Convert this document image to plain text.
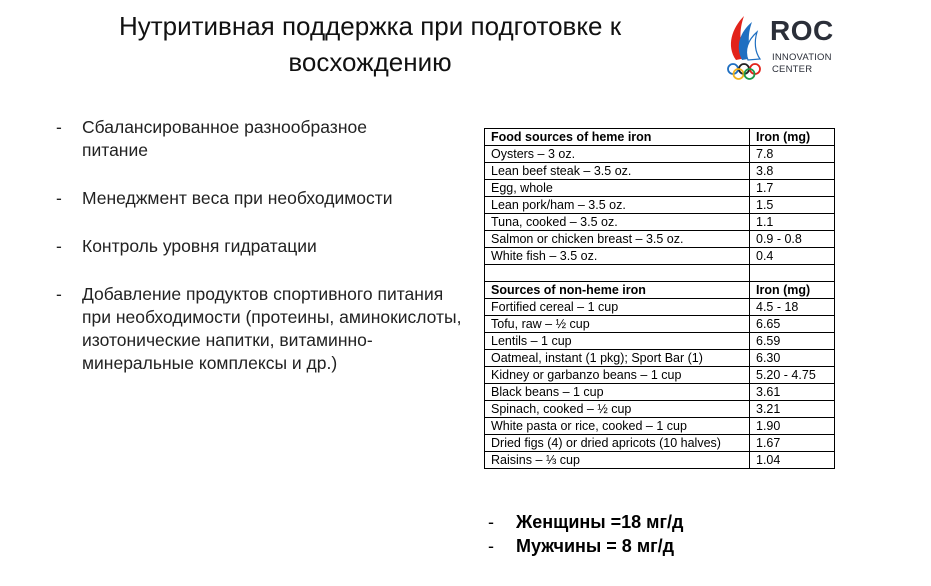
Нутритивная поддержка при подготовке к
восхождению
ROC
INNOVATION
CENTER
- Сбалансированное разнообразное питание
- Менеджмент веса при необходимости
- Контроль уровня гидратации
- Добавление продуктов спортивного питания при необходимости (протеины, аминокислоты, изотонические напитки, витаминно-минеральные комплексы и др.)
Food sources of heme iron	Iron (mg)
Oysters – 3 oz.	7.8
Lean beef steak – 3.5 oz.	3.8
Egg, whole	1.7
Lean pork/ham – 3.5 oz.	1.5
Tuna, cooked – 3.5 oz.	1.1
Salmon or chicken breast – 3.5 oz.	0.9 - 0.8
White fish – 3.5 oz.	0.4

Sources of non-heme iron	Iron (mg)
Fortified cereal – 1 cup	4.5 - 18
Tofu, raw – ½ cup	6.65
Lentils – 1 cup	6.59
Oatmeal, instant (1 pkg); Sport Bar (1)	6.30
Kidney or garbanzo beans – 1 cup	5.20 - 4.75
Black beans – 1 cup	3.61
Spinach, cooked – ½ cup	3.21
White pasta or rice, cooked – 1 cup	1.90
Dried figs (4) or dried apricots (10 halves)	1.67
Raisins – ⅓ cup	1.04
- Женщины =18 мг/д
- Мужчины = 8 мг/д
